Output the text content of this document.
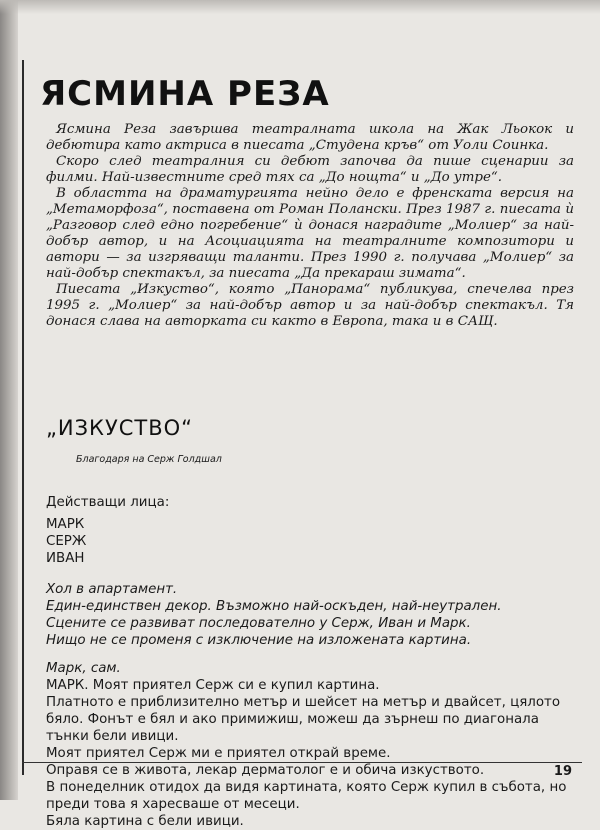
ЯСМИНА РЕЗА

Ясмина Реза завършва театралната школа на Жак Льокок и дебютира като актриса в пиесата „Студена кръв“ от Уоли Соинка.

Скоро след театралния си дебют започва да пише сценарии за филми. Най-известните сред тях са „До нощта“ и „До утре“.

В областта на драматургията нейно дело е френската версия на „Метаморфоза“, поставена от Роман Полански. През 1987 г. пиесата ѝ „Разговор след едно погребение“ ѝ донася наградите „Молиер“ за най-добър автор, и на Асоциацията на театралните композитори и автори — за изгряващи таланти. През 1990 г. получава „Молиер“ за най-добър спектакъл, за пиесата „Да прекараш зимата“.

Пиесата „Изкуство“, която „Панорама“ публикува, спечелва през 1995 г. „Молиер“ за най-добър автор и за най-добър спектакъл. Тя донася слава на авторката си както в Европа, така и в САЩ.

„ИЗКУСТВО“
Благодаря на Серж Голдшал
Действащи лица:
МАРК
СЕРЖ
ИВАН
Хол в апартамент.
Един-единствен декор. Възможно най-оскъден, най-неутрален.
Сцените се развиват последователно у Серж, Иван и Марк.
Нищо не се променя с изключение на изложената картина.

Марк, сам.

МАРК. Моят приятел Серж си е купил картина.

Платното е приблизително метър и шейсет на метър и двайсет, цялото бяло. Фонът е бял и ако примижиш, можеш да зърнеш по диагонала тънки бели ивици.

Моят приятел Серж ми е приятел открай време.

Оправя се в живота, лекар дерматолог е и обича изкуството.

В понеделник отидох да видя картината, която Серж купил в събота, но преди това я харесваше от месеци.

Бяла картина с бели ивици.

19
